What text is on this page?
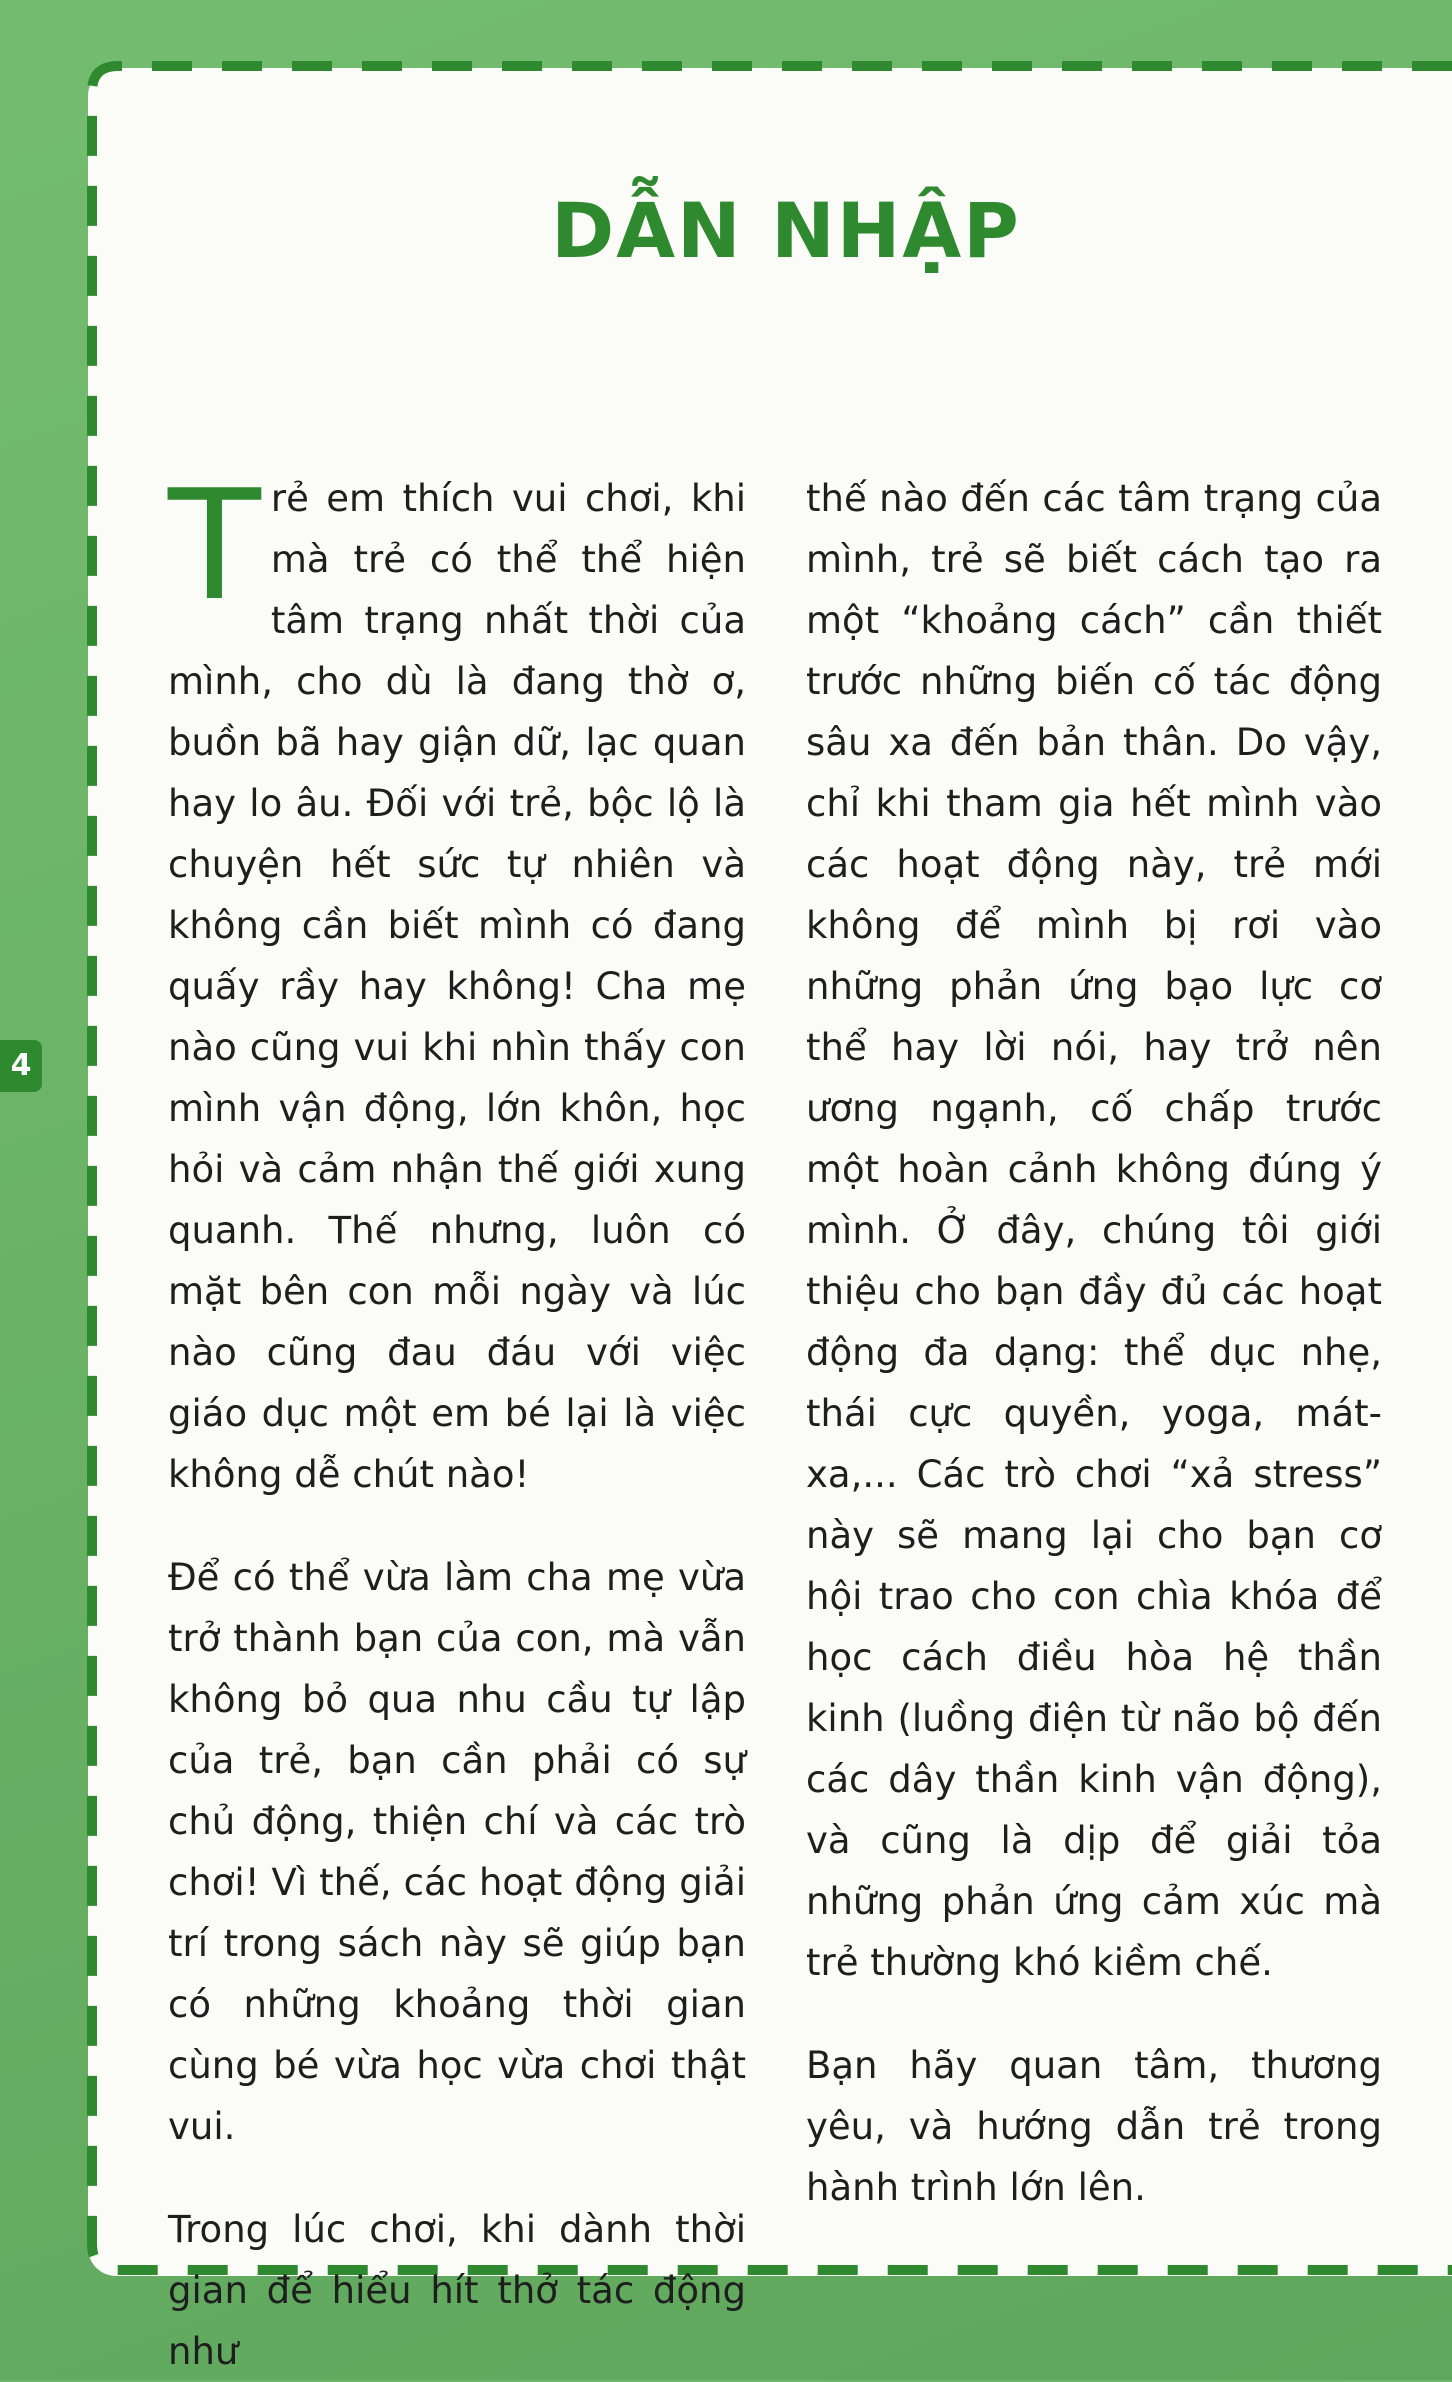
4
DẪN NHẬP

Trẻ em thích vui chơi, khi mà trẻ có thể thể hiện tâm trạng nhất thời của mình, cho dù là đang thờ ơ, buồn bã hay giận dữ, lạc quan hay lo âu. Đối với trẻ, bộc lộ là chuyện hết sức tự nhiên và không cần biết mình có đang quấy rầy hay không! Cha mẹ nào cũng vui khi nhìn thấy con mình vận động, lớn khôn, học hỏi và cảm nhận thế giới xung quanh. Thế nhưng, luôn có mặt bên con mỗi ngày và lúc nào cũng đau đáu với việc giáo dục một em bé lại là việc không dễ chút nào!

Để có thể vừa làm cha mẹ vừa trở thành bạn của con, mà vẫn không bỏ qua nhu cầu tự lập của trẻ, bạn cần phải có sự chủ động, thiện chí và các trò chơi! Vì thế, các hoạt động giải trí trong sách này sẽ giúp bạn có những khoảng thời gian cùng bé vừa học vừa chơi thật vui.

Trong lúc chơi, khi dành thời gian để hiểu hít thở tác động như

thế nào đến các tâm trạng của mình, trẻ sẽ biết cách tạo ra một “khoảng cách” cần thiết trước những biến cố tác động sâu xa đến bản thân. Do vậy, chỉ khi tham gia hết mình vào các hoạt động này, trẻ mới không để mình bị rơi vào những phản ứng bạo lực cơ thể hay lời nói, hay trở nên ương ngạnh, cố chấp trước một hoàn cảnh không đúng ý mình. Ở đây, chúng tôi giới thiệu cho bạn đầy đủ các hoạt động đa dạng: thể dục nhẹ, thái cực quyền, yoga, mát-xa,... Các trò chơi “xả stress” này sẽ mang lại cho bạn cơ hội trao cho con chìa khóa để học cách điều hòa hệ thần kinh (luồng điện từ não bộ đến các dây thần kinh vận động), và cũng là dịp để giải tỏa những phản ứng cảm xúc mà trẻ thường khó kiềm chế.

Bạn hãy quan tâm, thương yêu, và hướng dẫn trẻ trong hành trình lớn lên.
